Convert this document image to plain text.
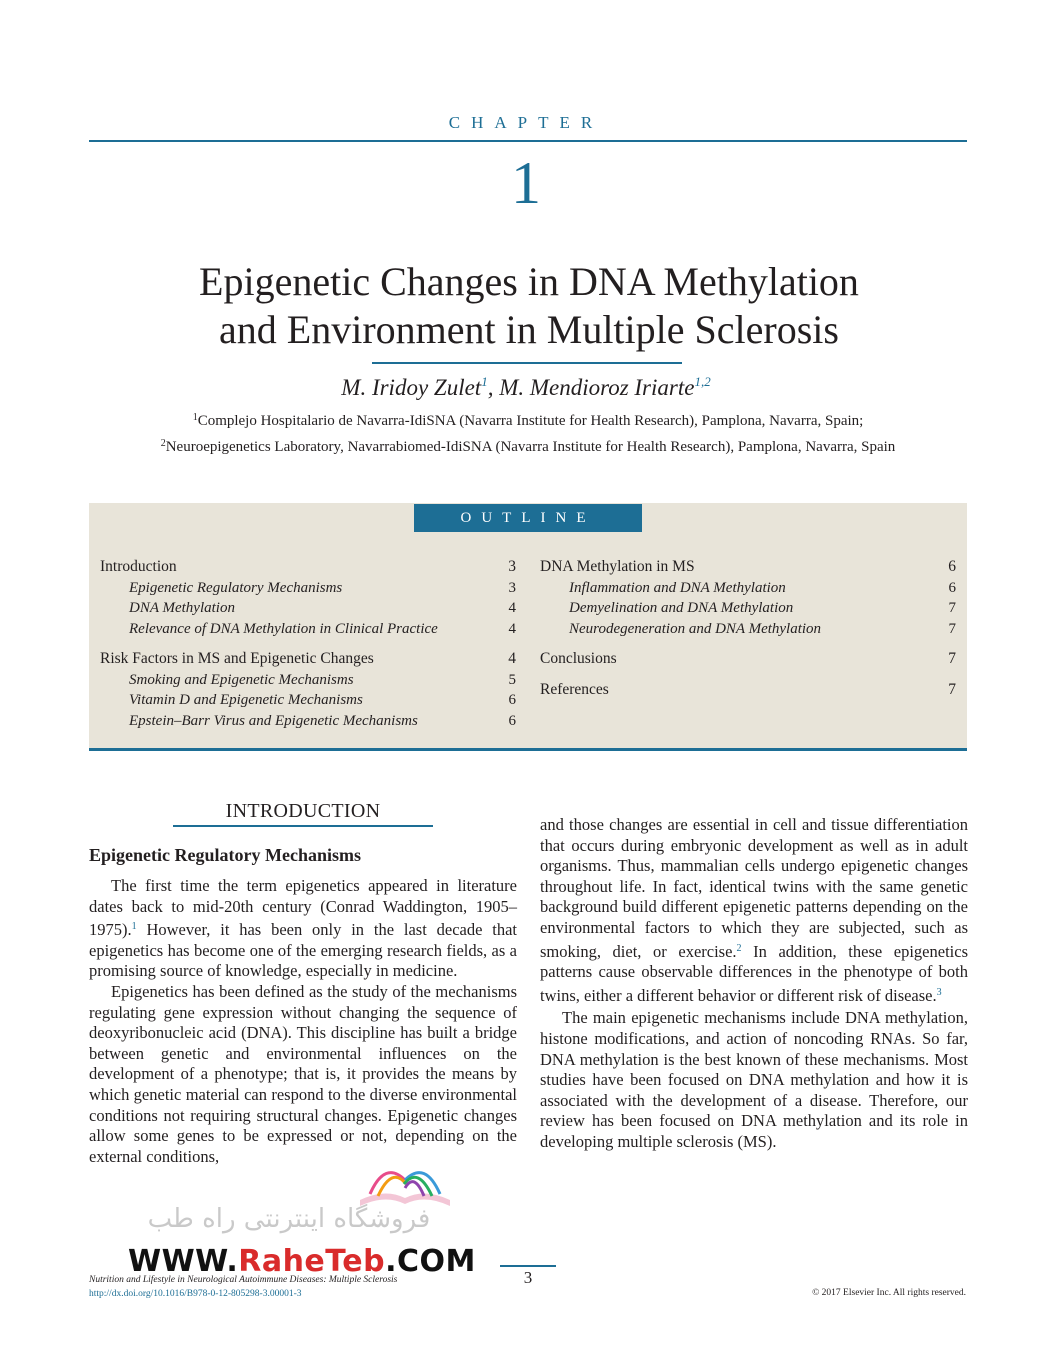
CHAPTER
1
Epigenetic Changes in DNA Methylation
and Environment in Multiple Sclerosis
M. Iridoy Zulet$^1$, M. Mendioroz Iriarte$^{1,2}$
$^1$Complejo Hospitalario de Navarra-IdiSNA (Navarra Institute for Health Research), Pamplona, Navarra, Spain;
$^2$Neuroepigenetics Laboratory, Navarrabiomed-IdiSNA (Navarra Institute for Health Research), Pamplona, Navarra, Spain
OUTLINE
Introduction	3
Epigenetic Regulatory Mechanisms	3
DNA Methylation	4
Relevance of DNA Methylation in Clinical Practice	4
Risk Factors in MS and Epigenetic Changes	4
Smoking and Epigenetic Mechanisms	5
Vitamin D and Epigenetic Mechanisms	6
Epstein–Barr Virus and Epigenetic Mechanisms	6
DNA Methylation in MS	6
Inflammation and DNA Methylation	6
Demyelination and DNA Methylation	7
Neurodegeneration and DNA Methylation	7
Conclusions	7
References	7
INTRODUCTION
Epigenetic Regulatory Mechanisms

The first time the term epigenetics appeared in literature dates back to mid-20th century (Conrad Waddington, 1905–1975).$^1$ However, it has been only in the last decade that epigenetics has become one of the emerging research fields, as a promising source of knowledge, especially in medicine.

Epigenetics has been defined as the study of the mechanisms regulating gene expression without changing the sequence of deoxyribonucleic acid (DNA). This discipline has built a bridge between genetic and environmental influences on the development of a phenotype; that is, it provides the means by which genetic material can respond to the diverse environmental conditions not requiring structural changes. Epigenetic changes allow some genes to be expressed or not, depending on the external conditions,

and those changes are essential in cell and tissue differentiation that occurs during embryonic development as well as in adult organisms. Thus, mammalian cells undergo epigenetic changes throughout life. In fact, identical twins with the same genetic background build different epigenetic patterns depending on the environmental factors to which they are subjected, such as smoking, diet, or exercise.$^2$ In addition, these epigenetics patterns cause observable differences in the phenotype of both twins, either a different behavior or different risk of disease.$^3$

The main epigenetic mechanisms include DNA methylation, histone modifications, and action of noncoding RNAs. So far, DNA methylation is the best known of these mechanisms. Most studies have been focused on DNA methylation and how it is associated with the development of a disease. Therefore, our review has been focused on DNA methylation and its role in developing multiple sclerosis (MS).

فروشگاه اینترنتی راه طب
WWW.RaheTeb.COM
Nutrition and Lifestyle in Neurological Autoimmune Diseases: Multiple Sclerosis
http://dx.doi.org/10.1016/B978-0-12-805298-3.00001-3
3
© 2017 Elsevier Inc. All rights reserved.
